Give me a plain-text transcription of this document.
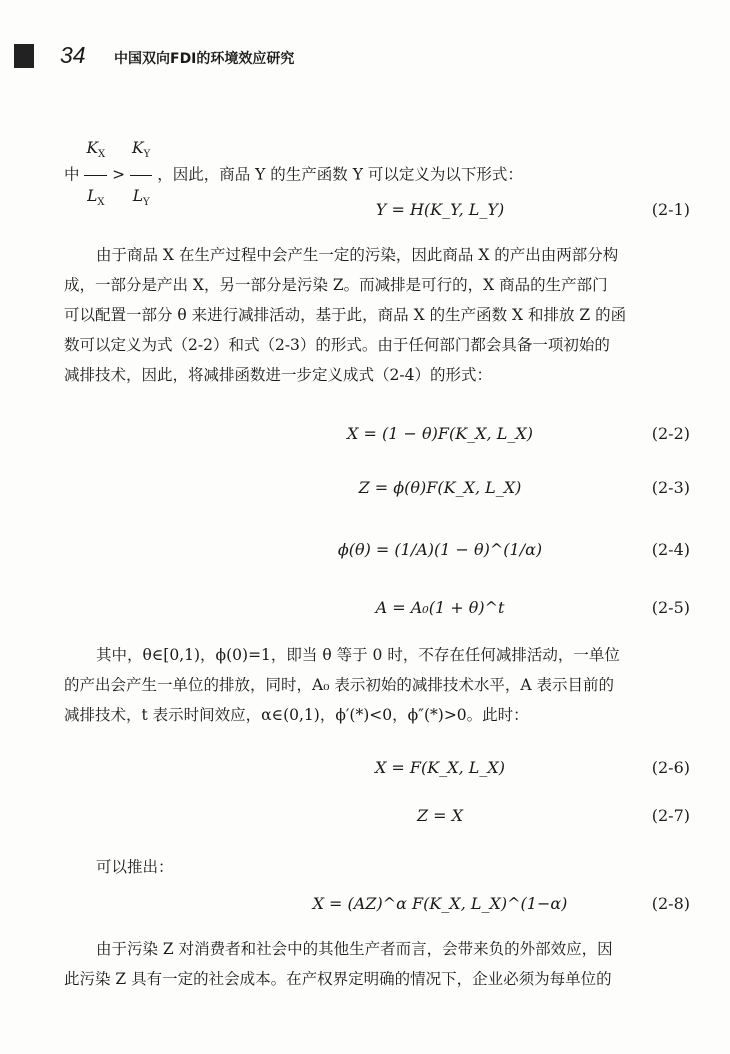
34 中国双向FDI的环境效应研究
中 $\frac{K_X}{L_X} > \frac{K_Y}{L_Y}$ ，因此，商品 Y 的生产函数 Y 可以定义为以下形式：
Y = H(K_Y, L_Y)	(2-1)
由于商品 X 在生产过程中会产生一定的污染，因此商品 X 的产出由两部分构
成，一部分是产出 X，另一部分是污染 Z。而减排是可行的，X 商品的生产部门
可以配置一部分 θ 来进行减排活动，基于此，商品 X 的生产函数 X 和排放 Z 的函
数可以定义为式（2-2）和式（2-3）的形式。由于任何部门都会具备一项初始的
减排技术，因此，将减排函数进一步定义成式（2-4）的形式：
X = (1 − θ)F(K_X, L_X)	(2-2)
Z = ϕ(θ)F(K_X, L_X)	(2-3)
ϕ(θ) = (1/A)(1 − θ)^(1/α)	(2-4)
A = A₀(1 + θ)^t	(2-5)
其中，θ∈[0,1)，ϕ(0)=1，即当 θ 等于 0 时，不存在任何减排活动，一单位
的产出会产生一单位的排放，同时，A₀ 表示初始的减排技术水平，A 表示目前的
减排技术，t 表示时间效应，α∈(0,1)，ϕ′(*)<0，ϕ″(*)>0。此时：
X = F(K_X, L_X)	(2-6)
Z = X	(2-7)
可以推出：
X = (AZ)^α F(K_X, L_X)^(1−α)	(2-8)
由于污染 Z 对消费者和社会中的其他生产者而言，会带来负的外部效应，因
此污染 Z 具有一定的社会成本。在产权界定明确的情况下，企业必须为每单位的
